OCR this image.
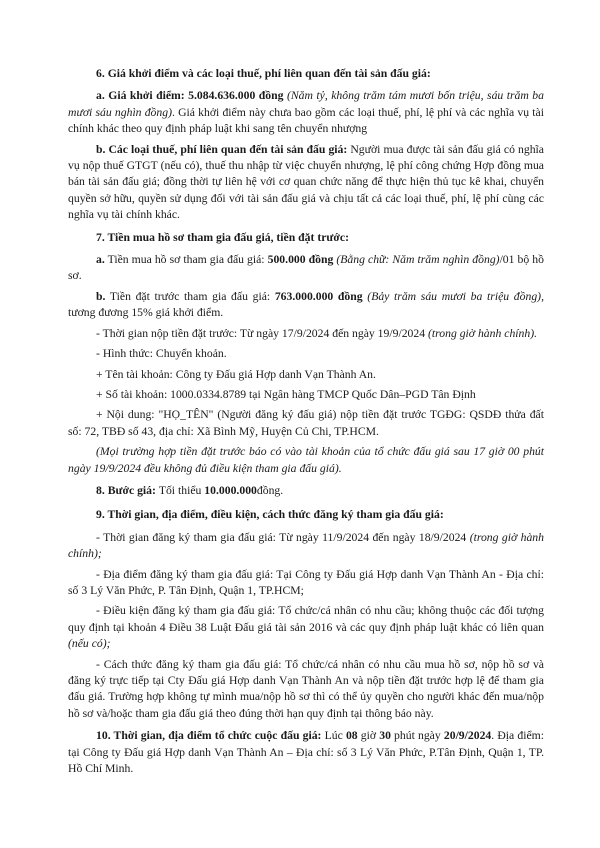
6. Giá khởi điểm và các loại thuế, phí liên quan đến tài sản đấu giá:

a. Giá khởi điểm: 5.084.636.000 đồng (Năm tỷ, không trăm tám mươi bốn triệu, sáu trăm ba mươi sáu nghìn đồng). Giá khởi điểm này chưa bao gồm các loại thuế, phí, lệ phí và các nghĩa vụ tài chính khác theo quy định pháp luật khi sang tên chuyển nhượng

b. Các loại thuế, phí liên quan đến tài sản đấu giá: Người mua được tài sản đấu giá có nghĩa vụ nộp thuế GTGT (nếu có), thuế thu nhập từ việc chuyển nhượng, lệ phí công chứng Hợp đồng mua bán tài sản đấu giá; đồng thời tự liên hệ với cơ quan chức năng để thực hiện thủ tục kê khai, chuyển quyền sở hữu, quyền sử dụng đối với tài sản đấu giá và chịu tất cả các loại thuế, phí, lệ phí cùng các nghĩa vụ tài chính khác.

7. Tiền mua hồ sơ tham gia đấu giá, tiền đặt trước:

a. Tiền mua hồ sơ tham gia đấu giá: 500.000 đồng (Bằng chữ: Năm trăm nghìn đồng)/01 bộ hồ sơ.

b. Tiền đặt trước tham gia đấu giá: 763.000.000 đồng (Bảy trăm sáu mươi ba triệu đồng), tương đương 15% giá khởi điểm.

- Thời gian nộp tiền đặt trước: Từ ngày 17/9/2024 đến ngày 19/9/2024 (trong giờ hành chính).

- Hình thức: Chuyển khoản.

+ Tên tài khoản: Công ty Đấu giá Hợp danh Vạn Thành An.

+ Số tài khoản: 1000.0334.8789 tại Ngân hàng TMCP Quốc Dân–PGD Tân Định

+ Nội dung: "HỌ_TÊN" (Người đăng ký đấu giá) nộp tiền đặt trước TGĐG: QSDĐ thửa đất số: 72, TBĐ số 43, địa chỉ: Xã Bình Mỹ, Huyện Củ Chi, TP.HCM.

(Mọi trường hợp tiền đặt trước báo có vào tài khoản của tổ chức đấu giá sau 17 giờ 00 phút ngày 19/9/2024 đều không đủ điều kiện tham gia đấu giá).

8. Bước giá: Tối thiểu 10.000.000đồng.

9. Thời gian, địa điểm, điều kiện, cách thức đăng ký tham gia đấu giá:

- Thời gian đăng ký tham gia đấu giá: Từ ngày 11/9/2024 đến ngày 18/9/2024 (trong giờ hành chính);

- Địa điểm đăng ký tham gia đấu giá: Tại Công ty Đấu giá Hợp danh Vạn Thành An - Địa chỉ: số 3 Lý Văn Phức, P. Tân Định, Quận 1, TP.HCM;

- Điều kiện đăng ký tham gia đấu giá: Tổ chức/cá nhân có nhu cầu; không thuộc các đối tượng quy định tại khoản 4 Điều 38 Luật Đấu giá tài sản 2016 và các quy định pháp luật khác có liên quan (nếu có);

- Cách thức đăng ký tham gia đấu giá: Tổ chức/cá nhân có nhu cầu mua hồ sơ, nộp hồ sơ và đăng ký trực tiếp tại Cty Đấu giá Hợp danh Vạn Thành An và nộp tiền đặt trước hợp lệ để tham gia đấu giá. Trường hợp không tự mình mua/nộp hồ sơ thì có thể ủy quyền cho người khác đến mua/nộp hồ sơ và/hoặc tham gia đấu giá theo đúng thời hạn quy định tại thông báo này.

10. Thời gian, địa điểm tổ chức cuộc đấu giá: Lúc 08 giờ 30 phút ngày 20/9/2024. Địa điểm: tại Công ty Đấu giá Hợp danh Vạn Thành An – Địa chỉ: số 3 Lý Văn Phức, P.Tân Định, Quận 1, TP. Hồ Chí Minh.
